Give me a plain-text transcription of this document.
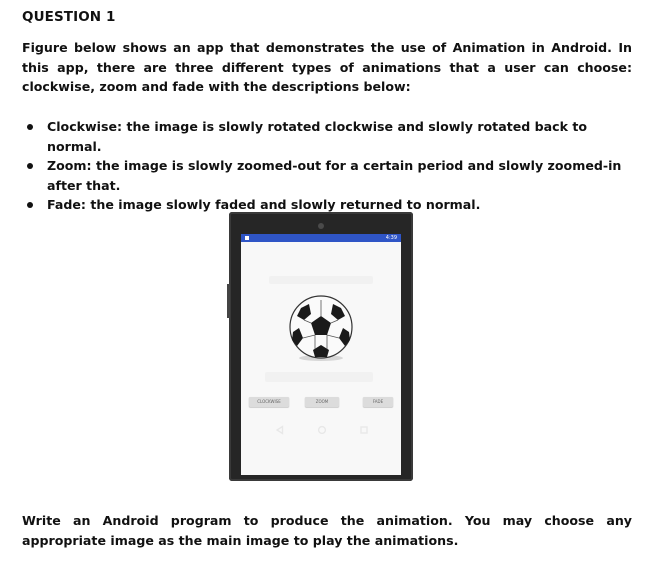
QUESTION 1
Figure below shows an app that demonstrates the use of Animation in Android. In this app, there are three different types of animations that a user can choose: clockwise, zoom and fade with the descriptions below:
Clockwise: the image is slowly rotated clockwise and slowly rotated back to normal.
Zoom: the image is slowly zoomed-out for a certain period and slowly zoomed-in after that.
Fade: the image slowly faded and slowly returned to normal.
4:39
CLOCKWISE	ZOOM	FADE
Write an Android program to produce the animation. You may choose any appropriate image as the main image to play the animations.
